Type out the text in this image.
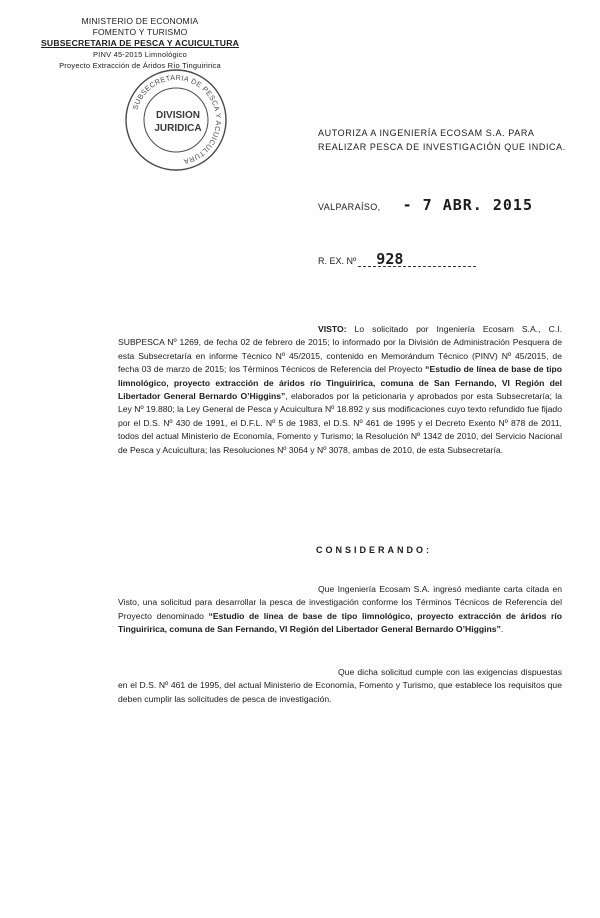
MINISTERIO DE ECONOMIA
FOMENTO Y TURISMO
SUBSECRETARIA DE PESCA Y ACUICULTURA
PINV 45-2015 Limnológico
Proyecto Extracción de Áridos Río Tinguiririca
SUBSECRETARIA DE PESCA Y ACUICULTURA
DIVISION
JURIDICA	AUTORIZA A INGENIERÍA ECOSAM S.A. PARA
REALIZAR PESCA DE INVESTIGACIÓN QUE INDICA.
VALPARAÍSO, - 7 ABR. 2015
R. EX. Nº	928
VISTO: Lo solicitado por Ingeniería Ecosam S.A., C.I. SUBPESCA Nº 1269, de fecha 02 de febrero de 2015; lo informado por la División de Administración Pesquera de esta Subsecretaría en informe Técnico Nº 45/2015, contenido en Memorándum Técnico (PINV) Nº 45/2015, de fecha 03 de marzo de 2015; los Términos Técnicos de Referencia del Proyecto “Estudio de línea de base de tipo limnológico, proyecto extracción de áridos río Tinguiririca, comuna de San Fernando, VI Región del Libertador General Bernardo O’Higgins”, elaborados por la peticionaria y aprobados por esta Subsecretaría; la Ley Nº 19.880; la Ley General de Pesca y Acuicultura Nº 18.892 y sus modificaciones cuyo texto refundido fue fijado por el D.S. Nº 430 de 1991, el D.F.L. Nº 5 de 1983, el D.S. Nº 461 de 1995 y el Decreto Exento Nº 878 de 2011, todos del actual Ministerio de Economía, Fomento y Turismo; la Resolución Nº 1342 de 2010, del Servicio Nacional de Pesca y Acuicultura; las Resoluciones Nº 3064 y Nº 3078, ambas de 2010, de esta Subsecretaría.
CONSIDERANDO:
Que Ingeniería Ecosam S.A. ingresó mediante carta citada en Visto, una solicitud para desarrollar la pesca de investigación conforme los Términos Técnicos de Referencia del Proyecto denominado “Estudio de línea de base de tipo limnológico, proyecto extracción de áridos río Tinguiririca, comuna de San Fernando, VI Región del Libertador General Bernardo O’Higgins”.
Que dicha solicitud cumple con las exigencias dispuestas en el D.S. Nº 461 de 1995, del actual Ministerio de Economía, Fomento y Turismo, que establece los requisitos que deben cumplir las solicitudes de pesca de investigación.
